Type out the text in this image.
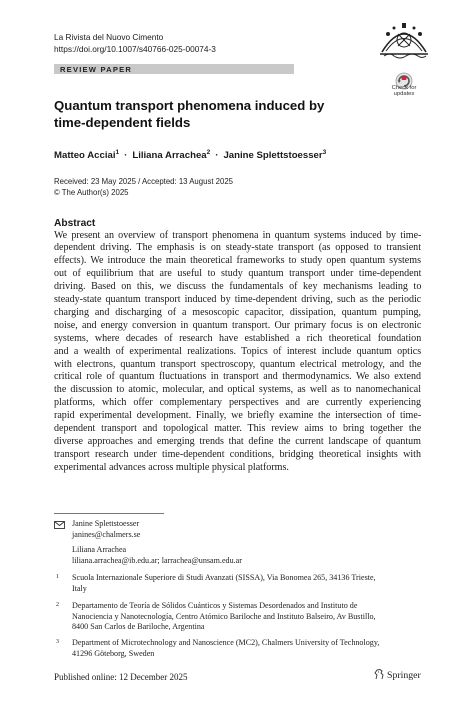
La Rivista del Nuovo Cimento
https://doi.org/10.1007/s40766-025-00074-3
REVIEW PAPER
Check for
updates
Quantum transport phenomena induced by
time-dependent fields
Matteo Acciai$^1$ · Liliana Arrachea$^2$ · Janine Splettstoesser$^3$
Received: 23 May 2025 / Accepted: 13 August 2025
© The Author(s) 2025
Abstract
We present an overview of transport phenomena in quantum systems induced by time-
dependent driving. The emphasis is on steady-state transport (as opposed to transient
effects). We introduce the main theoretical frameworks to study open quantum systems
out of equilibrium that are useful to study quantum transport under time-dependent
driving. Based on this, we discuss the fundamentals of key mechanisms leading to
steady-state quantum transport induced by time-dependent driving, such as the periodic
charging and discharging of a mesoscopic capacitor, dissipation, quantum pumping,
noise, and energy conversion in quantum transport. Our primary focus is on electronic
systems, where decades of research have established a rich theoretical foundation
and a wealth of experimental realizations. Topics of interest include quantum optics
with electrons, quantum transport spectroscopy, quantum electrical metrology, and the
critical role of quantum fluctuations in transport and thermodynamics. We also extend
the discussion to atomic, molecular, and optical systems, as well as to nanomechanical
platforms, which offer complementary perspectives and are currently experiencing
rapid experimental development. Finally, we briefly examine the intersection of time-
dependent transport and topological matter. This review aims to bring together the
diverse approaches and emerging trends that define the current landscape of quantum
transport research under time-dependent conditions, bridging theoretical insights with
experimental advances across multiple physical platforms.
Janine Splettstoesser
janines@chalmers.se
Liliana Arrachea
liliana.arrachea@ib.edu.ar; larrachea@unsam.edu.ar
1 Scuola Internazionale Superiore di Studi Avanzati (SISSA), Via Bonomea 265, 34136 Trieste,
Italy
2 Departamento de Teoría de Sólidos Cuánticos y Sistemas Desordenados and Instituto de
Nanociencia y Nanotecnología, Centro Atómico Bariloche and Instituto Balseiro, Av Bustillo,
8400 San Carlos de Bariloche, Argentina
3 Department of Microtechnology and Nanoscience (MC2), Chalmers University of Technology,
41296 Göteborg, Sweden
Published online: 12 December 2025	Springer
